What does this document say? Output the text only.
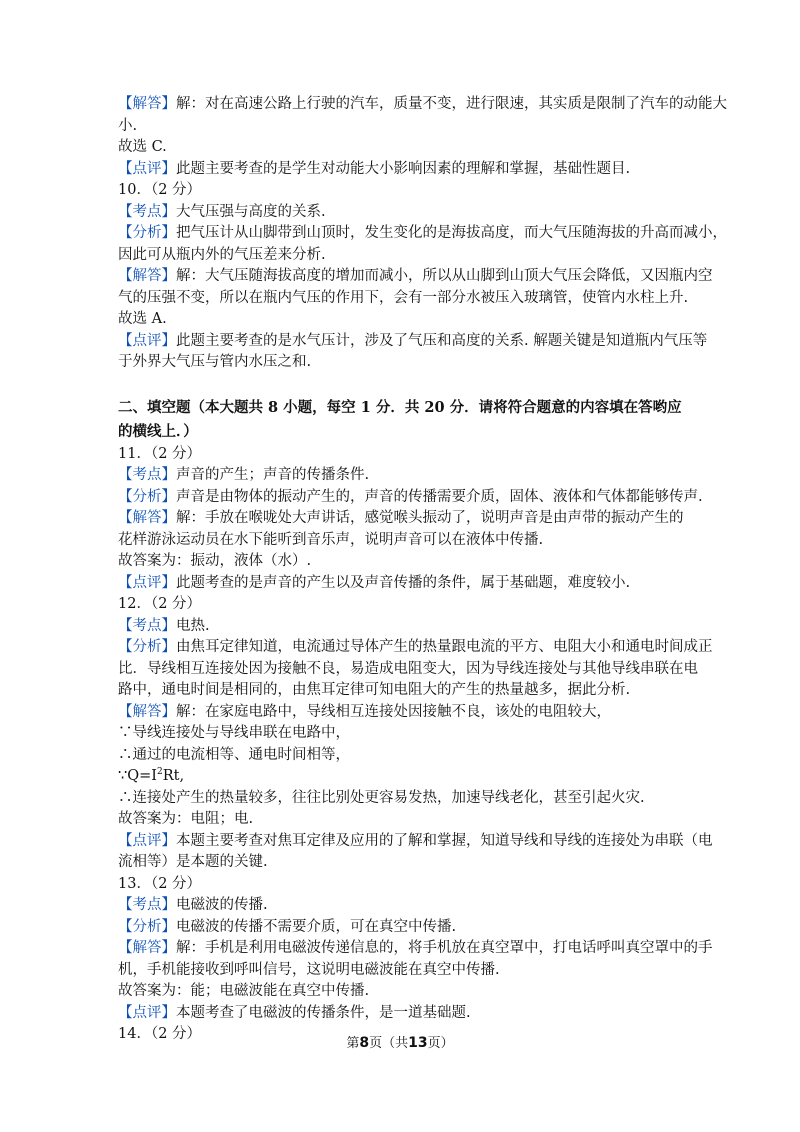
【解答】解：对在高速公路上行驶的汽车，质量不变，进行限速，其实质是限制了汽车的动能大
小.
故选 C.
【点评】此题主要考查的是学生对动能大小影响因素的理解和掌握，基础性题目.
10．（2 分）
【考点】大气压强与高度的关系.
【分析】把气压计从山脚带到山顶时，发生变化的是海拔高度，而大气压随海拔的升高而减小，
因此可从瓶内外的气压差来分析.
【解答】解：大气压随海拔高度的增加而减小，所以从山脚到山顶大气压会降低，又因瓶内空
气的压强不变，所以在瓶内气压的作用下，会有一部分水被压入玻璃管，使管内水柱上升.
故选 A.
【点评】此题主要考查的是水气压计，涉及了气压和高度的关系. 解题关键是知道瓶内气压等
于外界大气压与管内水压之和.
二、填空题（本大题共 8 小题，每空 1 分．共 20 分．请将符合题意的内容填在答哟应的横线上．）
11．（2 分）
【考点】声音的产生；声音的传播条件.
【分析】声音是由物体的振动产生的，声音的传播需要介质，固体、液体和气体都能够传声.
【解答】解：手放在喉咙处大声讲话，感觉喉头振动了，说明声音是由声带的振动产生的
花样游泳运动员在水下能听到音乐声，说明声音可以在液体中传播.
故答案为：振动，液体（水）.
【点评】此题考查的是声音的产生以及声音传播的条件，属于基础题，难度较小.
12．（2 分）
【考点】电热.
【分析】由焦耳定律知道，电流通过导体产生的热量跟电流的平方、电阻大小和通电时间成正
比．导线相互连接处因为接触不良，易造成电阻变大，因为导线连接处与其他导线串联在电
路中，通电时间是相同的，由焦耳定律可知电阻大的产生的热量越多，据此分析.
【解答】解：在家庭电路中，导线相互连接处因接触不良，该处的电阻较大，
∵导线连接处与导线串联在电路中，
∴通过的电流相等、通电时间相等，
$\because Q=I^2Rt$,
∴连接处产生的热量较多，往往比别处更容易发热，加速导线老化，甚至引起火灾.
故答案为：电阻；电.
【点评】本题主要考查对焦耳定律及应用的了解和掌握，知道导线和导线的连接处为串联（电
流相等）是本题的关键.
13．（2 分）
【考点】电磁波的传播.
【分析】电磁波的传播不需要介质，可在真空中传播.
【解答】解：手机是利用电磁波传递信息的，将手机放在真空罩中，打电话呼叫真空罩中的手
机，手机能接收到呼叫信号，这说明电磁波能在真空中传播.
故答案为：能；电磁波能在真空中传播.
【点评】本题考查了电磁波的传播条件，是一道基础题.
14．（2 分）
第8页（共13页）
